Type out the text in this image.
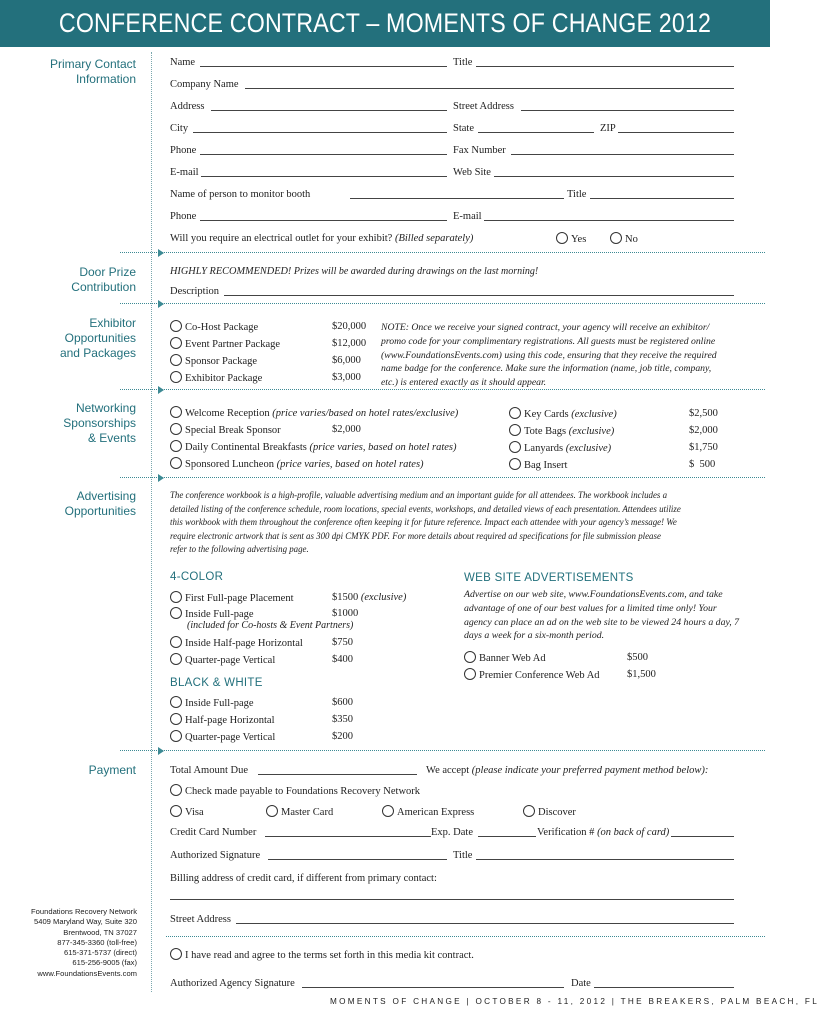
CONFERENCE CONTRACT – MOMENTS OF CHANGE 2012
Primary Contact
Information
Door Prize
Contribution
Exhibitor
Opportunities
and Packages
Networking
Sponsorships
& Events
Advertising
Opportunities
Payment
Name	Title
Company Name
Address	Street Address
City	State	ZIP
Phone	Fax Number
E-mail	Web Site
Name of person to monitor booth	Title
Phone	E-mail
Will you require an electrical outlet for your exhibit? (Billed separately)	Yes	No
HIGHLY RECOMMENDED! Prizes will be awarded during drawings on the last morning!
Description
Co-Host Package	$20,000
Event Partner Package	$12,000
Sponsor Package	$6,000
Exhibitor Package	$3,000
NOTE: Once we receive your signed contract, your agency will receive an exhibitor/
promo code for your complimentary registrations. All guests must be registered online
(www.FoundationsEvents.com) using this code, ensuring that they receive the required
name badge for the conference. Make sure the information (name, job title, company,
etc.) is entered exactly as it should appear.
Welcome Reception (price varies/based on hotel rates/exclusive)
Special Break Sponsor	$2,000
Daily Continental Breakfasts (price varies, based on hotel rates)
Sponsored Luncheon (price varies, based on hotel rates)
Key Cards (exclusive)	$2,500
Tote Bags (exclusive)	$2,000
Lanyards (exclusive)	$1,750
Bag Insert	$  500
The conference workbook is a high-profile, valuable advertising medium and an important guide for all attendees. The workbook includes a
detailed listing of the conference schedule, room locations, special events, workshops, and detailed views of each presentation. Attendees utilize
this workbook with them throughout the conference often keeping it for future reference. Impact each attendee with your agency’s message! We
require electronic artwork that is sent as 300 dpi CMYK PDF. For more details about required ad specifications for file submission please
refer to the following advertising page.
4-COLOR
First Full-page Placement	$1500 (exclusive)
Inside Full-page	$1000
(included for Co-hosts & Event Partners)
Inside Half-page Horizontal	$750
Quarter-page Vertical	$400
BLACK & WHITE
Inside Full-page	$600
Half-page Horizontal	$350
Quarter-page Vertical	$200
WEB SITE ADVERTISEMENTS
Advertise on our web site, www.FoundationsEvents.com, and take
advantage of one of our best values for a limited time only! Your
agency can place an ad on the web site to be viewed 24 hours a day, 7
days a week for a six-month period.
Banner Web Ad	$500
Premier Conference Web Ad	$1,500
Total Amount Due	We accept (please indicate your preferred payment method below):
Check made payable to Foundations Recovery Network
Visa	Master Card	American Express	Discover
Credit Card Number	Exp. Date	Verification # (on back of card)
Authorized Signature	Title
Billing address of credit card, if different from primary contact:
Street Address
I have read and agree to the terms set forth in this media kit contract.
Authorized Agency Signature	Date
Foundations Recovery Network
5409 Maryland Way, Suite 320
Brentwood, TN 37027
877-345-3360 (toll-free)
615-371-5737 (direct)
615-256-9005 (fax)
www.FoundationsEvents.com
MOMENTS OF CHANGE | OCTOBER 8 - 11, 2012 | THE BREAKERS, PALM BEACH, FL
